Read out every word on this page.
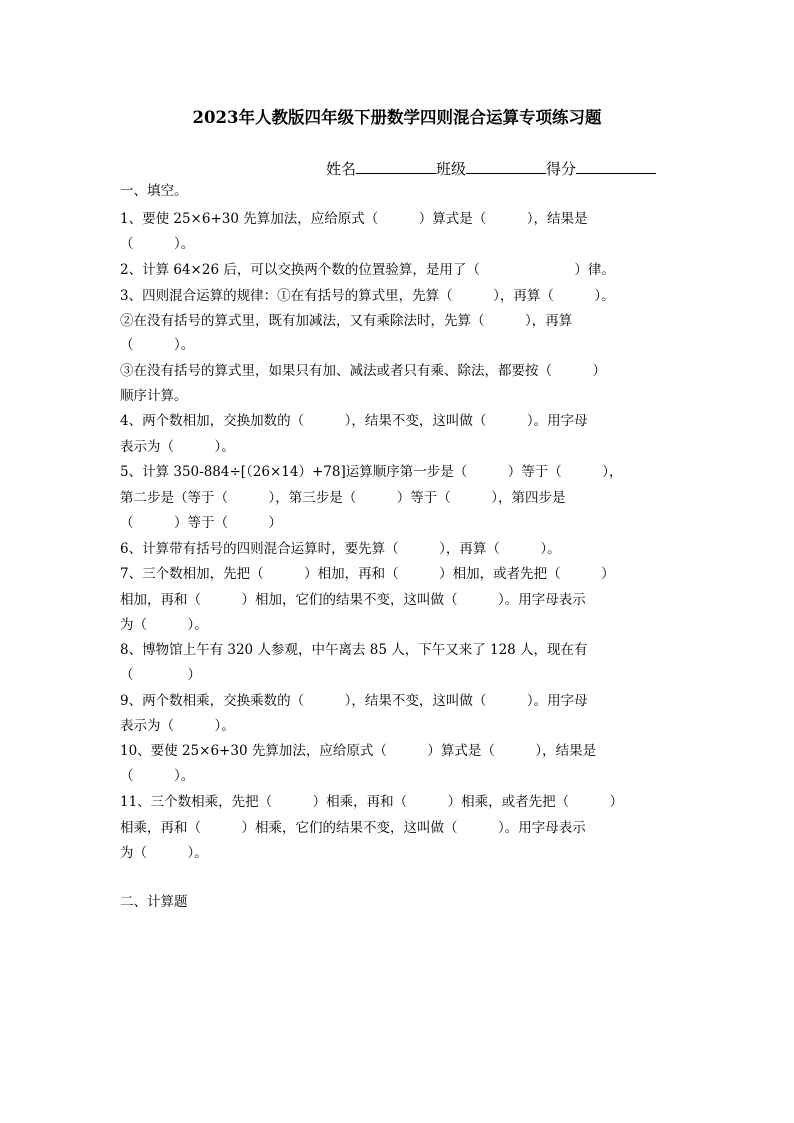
2023年人教版四年级下册数学四则混合运算专项练习题
姓名	班级	得分
一、填空。
1、要使 25×6+30 先算加法，应给原式（　　　）算式是（　　　），结果是
（　　　）。
2、计算 64×26 后，可以交换两个数的位置验算，是用了（　　　　　　　）律。
3、四则混合运算的规律：①在有括号的算式里，先算（　　　），再算（　　　）。
②在没有括号的算式里，既有加减法，又有乘除法时，先算（　　　），再算
（　　　）。
③在没有括号的算式里，如果只有加、减法或者只有乘、除法，都要按（　　　）
顺序计算。
4、两个数相加，交换加数的（　　　），结果不变，这叫做（　　　）。用字母
表示为（　　　）。
5、计算 350-884÷[（26×14）+78]运算顺序第一步是（　　　）等于（　　　），
第二步是（等于（　　　），第三步是（　　　）等于（　　　），第四步是
（　　　）等于（　　　）
6、计算带有括号的四则混合运算时，要先算（　　　），再算（　　　）。
7、三个数相加，先把（　　　）相加，再和（　　　）相加，或者先把（　　　）
相加，再和（　　　）相加，它们的结果不变，这叫做（　　　）。用字母表示
为（　　　）。
8、博物馆上午有 320 人参观，中午离去 85 人，下午又来了 128 人，现在有
（　　　　）
9、两个数相乘，交换乘数的（　　　），结果不变，这叫做（　　　）。用字母
表示为（　　　）。
10、要使 25×6+30 先算加法，应给原式（　　　）算式是（　　　），结果是
（　　　）。
11、三个数相乘，先把（　　　）相乘，再和（　　　）相乘，或者先把（　　　）
相乘，再和（　　　）相乘，它们的结果不变，这叫做（　　　）。用字母表示
为（　　　）。
二、计算题
